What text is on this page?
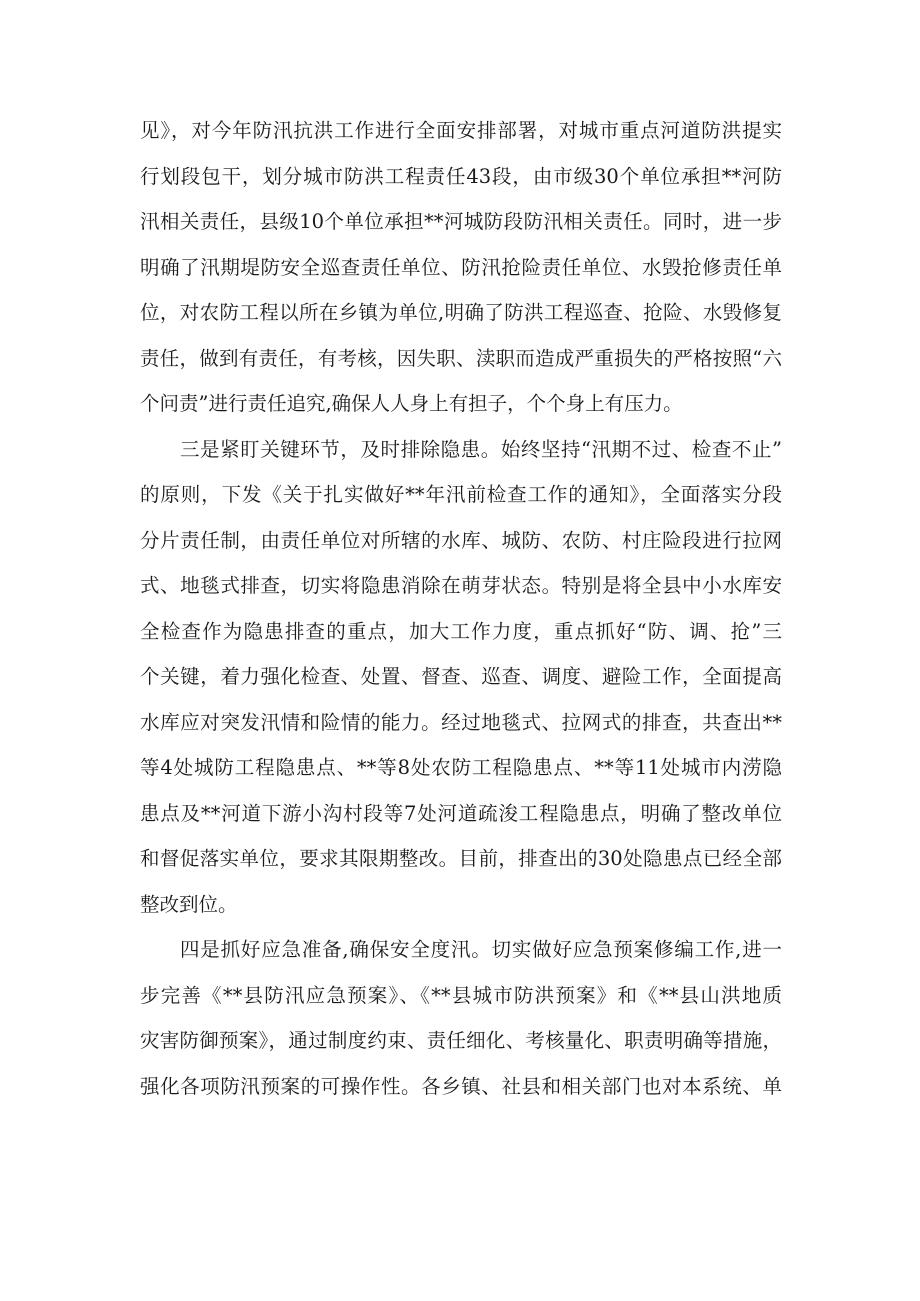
见》，对今年防汛抗洪工作进行全面安排部署，对城市重点河道防洪提实
行划段包干，划分城市防洪工程责任43段，由市级30个单位承担**河防
汛相关责任，县级10个单位承担**河城防段防汛相关责任。同时，进一步
明确了汛期堤防安全巡查责任单位、防汛抢险责任单位、水毁抢修责任单
位，对农防工程以所在乡镇为单位,明确了防洪工程巡查、抢险、水毁修复
责任，做到有责任，有考核，因失职、渎职而造成严重损失的严格按照“六
个问责”进行责任追究,确保人人身上有担子，个个身上有压力。
三是紧盯关键环节，及时排除隐患。始终坚持“汛期不过、检查不止”
的原则，下发《关于扎实做好**年汛前检查工作的通知》，全面落实分段
分片责任制，由责任单位对所辖的水库、城防、农防、村庄险段进行拉网
式、地毯式排查，切实将隐患消除在萌芽状态。特别是将全县中小水库安
全检查作为隐患排查的重点，加大工作力度，重点抓好“防、调、抢”三
个关键，着力强化检查、处置、督查、巡查、调度、避险工作，全面提高
水库应对突发汛情和险情的能力。经过地毯式、拉网式的排查，共查出**
等4处城防工程隐患点、**等8处农防工程隐患点、**等11处城市内涝隐
患点及**河道下游小沟村段等7处河道疏浚工程隐患点，明确了整改单位
和督促落实单位，要求其限期整改。目前，排查出的30处隐患点已经全部
整改到位。
四是抓好应急准备,确保安全度汛。切实做好应急预案修编工作,进一
步完善《**县防汛应急预案》、《**县城市防洪预案》和《**县山洪地质
灾害防御预案》，通过制度约束、责任细化、考核量化、职责明确等措施，
强化各项防汛预案的可操作性。各乡镇、社县和相关部门也对本系统、单
